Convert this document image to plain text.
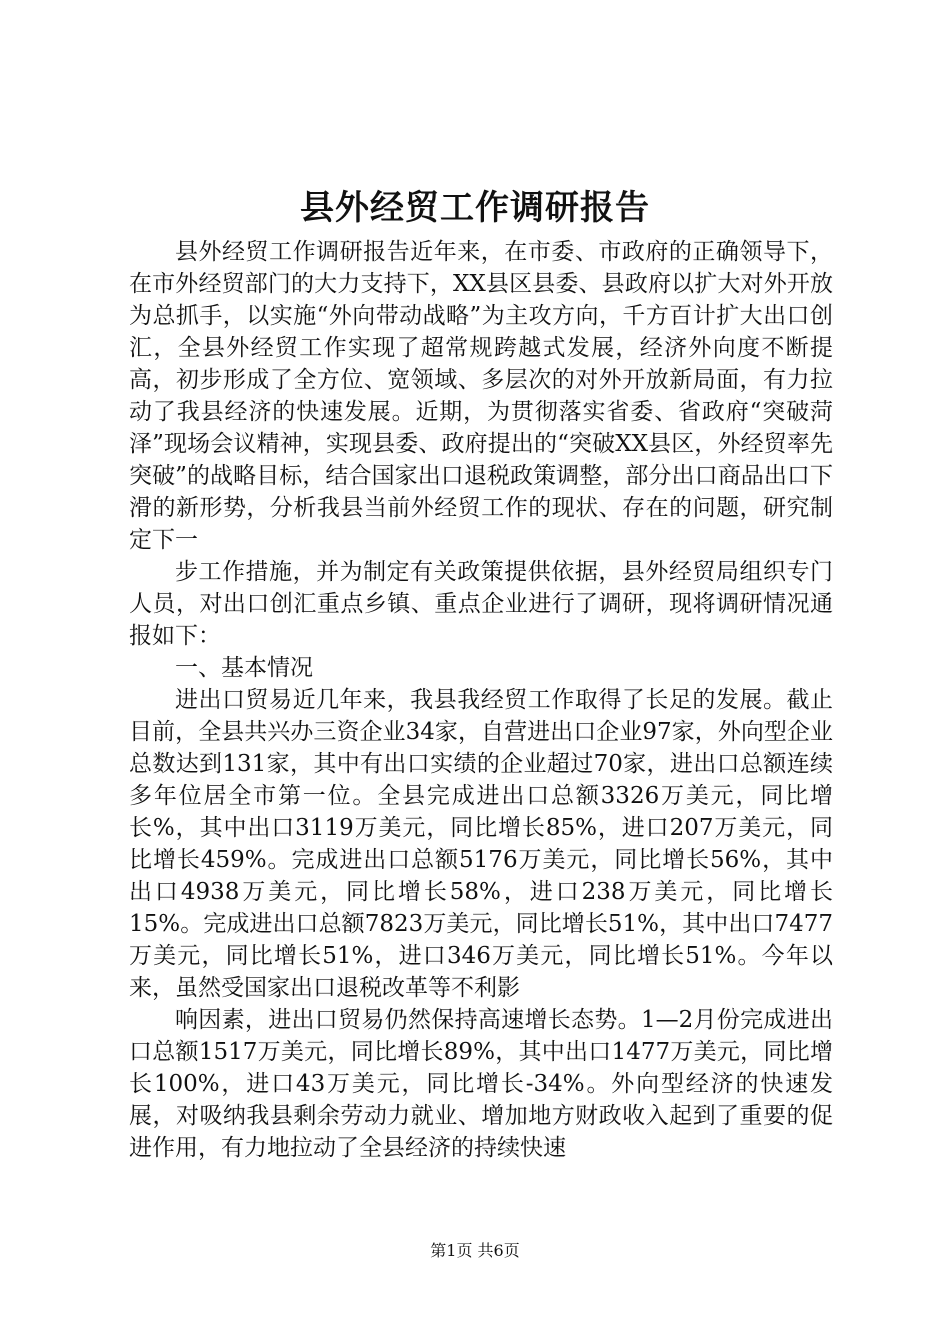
县外经贸工作调研报告

县外经贸工作调研报告近年来，在市委、市政府的正确领导下，在市外经贸部门的大力支持下，XX县区县委、县政府以扩大对外开放为总抓手，以实施“外向带动战略”为主攻方向，千方百计扩大出口创汇，全县外经贸工作实现了超常规跨越式发展，经济外向度不断提高，初步形成了全方位、宽领域、多层次的对外开放新局面，有力拉动了我县经济的快速发展。近期，为贯彻落实省委、省政府“突破菏泽”现场会议精神，实现县委、政府提出的“突破XX县区，外经贸率先突破”的战略目标，结合国家出口退税政策调整，部分出口商品出口下滑的新形势，分析我县当前外经贸工作的现状、存在的问题，研究制定下一

步工作措施，并为制定有关政策提供依据，县外经贸局组织专门人员，对出口创汇重点乡镇、重点企业进行了调研，现将调研情况通报如下：

一、基本情况

进出口贸易近几年来，我县我经贸工作取得了长足的发展。截止目前，全县共兴办三资企业34家，自营进出口企业97家，外向型企业总数达到131家，其中有出口实绩的企业超过70家，进出口总额连续多年位居全市第一位。全县完成进出口总额3326万美元，同比增长%，其中出口3119万美元，同比增长85%，进口207万美元，同比增长459%。完成进出口总额5176万美元，同比增长56%，其中出口4938万美元，同比增长58%，进口238万美元，同比增长15%。完成进出口总额7823万美元，同比增长51%，其中出口7477万美元，同比增长51%，进口346万美元，同比增长51%。今年以来，虽然受国家出口退税改革等不利影

响因素，进出口贸易仍然保持高速增长态势。1—2月份完成进出口总额1517万美元，同比增长89%，其中出口1477万美元，同比增长100%，进口43万美元，同比增长-34%。外向型经济的快速发展，对吸纳我县剩余劳动力就业、增加地方财政收入起到了重要的促进作用，有力地拉动了全县经济的持续快速

第1页 共6页
